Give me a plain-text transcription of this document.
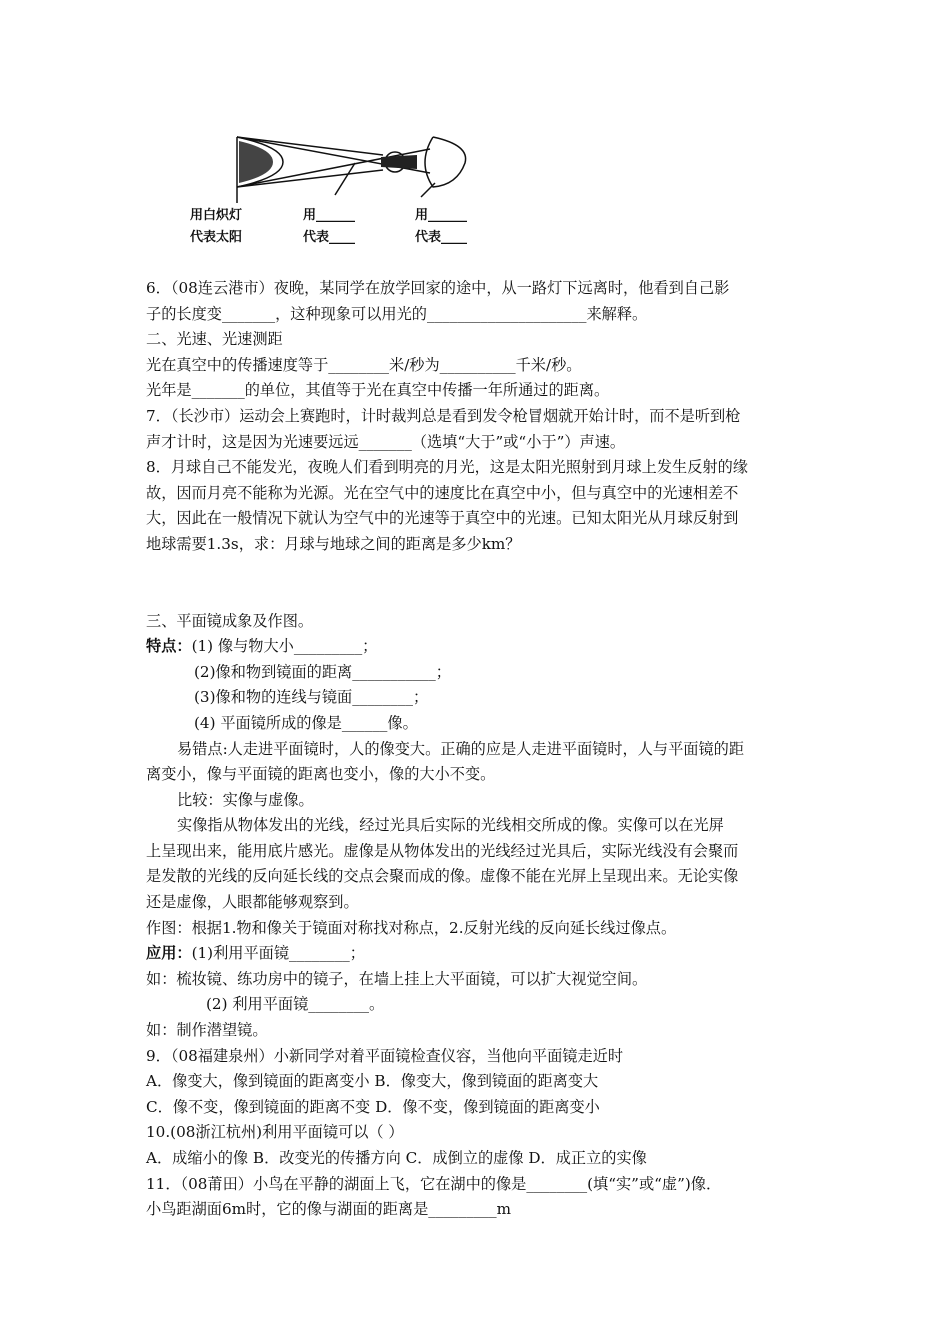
用白炽灯
代表太阳
用______
代表____
用______
代表____
6．（08连云港市）夜晚，某同学在放学回家的途中，从一路灯下远离时，他看到自己影
子的长度变_______，这种现象可以用光的_____________________来解释。
二、光速、光速测距
光在真空中的传播速度等于________米/秒为__________千米/秒。
光年是_______的单位，其值等于光在真空中传播一年所通过的距离。
7．（长沙市）运动会上赛跑时，计时裁判总是看到发令枪冒烟就开始计时，而不是听到枪
声才计时，这是因为光速要远远_______（选填“大于”或“小于”）声速。
8．月球自己不能发光，夜晚人们看到明亮的月光，这是太阳光照射到月球上发生反射的缘
故，因而月亮不能称为光源。光在空气中的速度比在真空中小，但与真空中的光速相差不
大，因此在一般情况下就认为空气中的光速等于真空中的光速。已知太阳光从月球反射到
地球需要1.3s，求：月球与地球之间的距离是多少km？
三、平面镜成象及作图。
特点：(1) 像与物大小_________；
(2)像和物到镜面的距离___________；
(3)像和物的连线与镜面________；
(4) 平面镜所成的像是______像。
易错点:人走进平面镜时，人的像变大。正确的应是人走进平面镜时，人与平面镜的距
离变小，像与平面镜的距离也变小，像的大小不变。
比较：实像与虚像。
实像指从物体发出的光线，经过光具后实际的光线相交所成的像。实像可以在光屏
上呈现出来，能用底片感光。虚像是从物体发出的光线经过光具后，实际光线没有会聚而
是发散的光线的反向延长线的交点会聚而成的像。虚像不能在光屏上呈现出来。无论实像
还是虚像，人眼都能够观察到。
作图：根据1.物和像关于镜面对称找对称点，2.反射光线的反向延长线过像点。
应用：(1)利用平面镜________；
如：梳妆镜、练功房中的镜子，在墙上挂上大平面镜，可以扩大视觉空间。
(2) 利用平面镜________。
如：制作潜望镜。
9．（08福建泉州）小新同学对着平面镜检查仪容，当他向平面镜走近时
A．像变大，像到镜面的距离变小 B．像变大，像到镜面的距离变大
C．像不变，像到镜面的距离不变 D．像不变，像到镜面的距离变小
10.(08浙江杭州)利用平面镜可以（ ）
A．成缩小的像 B．改变光的传播方向 C．成倒立的虚像 D．成正立的实像
11．（08莆田）小鸟在平静的湖面上飞，它在湖中的像是________(填“实”或“虚”)像．
小鸟距湖面6m时，它的像与湖面的距离是_________m
